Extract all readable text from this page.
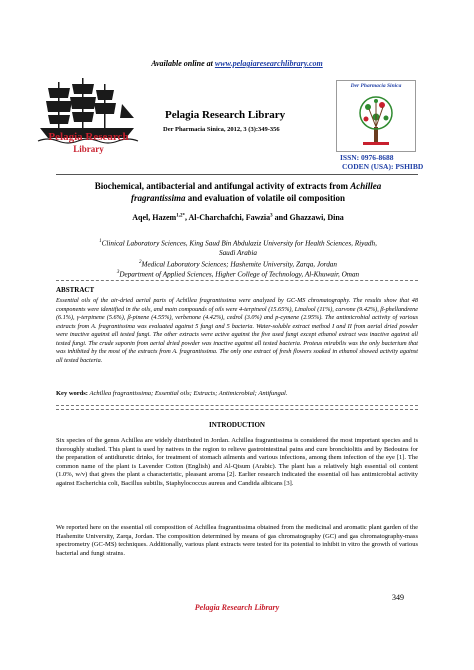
Available online at www.pelagiaresearchlibrary.com
Pelagia Research
Library
Pelagia Research Library
Der Pharmacia Sinica, 2012, 3 (3):349-356
Der Pharmacia Sinica
ISSN: 0976-8688
CODEN (USA): PSHIBD
Biochemical, antibacterial and antifungal activity of extracts from Achillea
fragrantissima and evaluation of volatile oil composition
Aqel, Hazem$^{1,2*}$, Al-Charchafchi, Fawzia$^3$ and Ghazzawi, Dina
$^1$Clinical Laboratory Sciences, King Saud Bin Abdulaziz University for Health Sciences, Riyadh,
Saudi Arabia
$^2$Medical Laboratory Sciences; Hashemite University, Zarqa, Jordan
$^3$Department of Applied Sciences, Higher College of Technology, Al-Khuwair, Oman
ABSTRACT
Essential oils of the air-dried aerial parts of Achillea fragrantissima were analyzed by GC-MS chromatography. The results show that 48 components were identified in the oils, and main compounds of oils were 4-terpineol (15.65%), Linalool (11%), carvone (9.42%), β-phellandrene (6.1%), γ-terpinene (5.6%), β-pinene (4.55%), verbenone (4.42%), cedrol (3.0%) and p-cymene (2.95%). The antimicrobial activity of various extracts from A. fragrantissima was evaluated against 5 fungi and 5 bacteria. Water-soluble extract method I and II from aerial dried powder were inactive against all tested fungi. The other extracts were active against the five used fungi except ethanol extract was inactive against all tested fungi. The crude saponin from aerial dried powder was inactive against all tested bacteria. Proteus mirabilis was the only bacterium that was inhibited by the most of the extracts from A. fragrantissima. The only one extract of fresh flowers soaked in ethanol showed activity against all tested bacteria.
Key words: Achillea fragrantissima; Essential oils; Extracts; Antimicrobial; Antifungal.
INTRODUCTION
Six species of the genus Achillea are widely distributed in Jordan. Achillea fragrantissima is considered the most important species and is thoroughly studied. This plant is used by natives in the region to relieve gastrointestinal pains and cure bronchiolitis and by Bedouins for the preparation of antidiuretic drinks, for treatment of stomach ailments and various infections, among them infection of the eye [1]. The common name of the plant is Lavender Cotton (English) and Al-Qisum (Arabic). The plant has a relatively high essential oil content (1.0%, w/v) that gives the plant a characteristic, pleasant aroma [2]. Earlier research indicated the essential oil has antimicrobial activity against Escherichia coli, Bacillus subtilis, Staphylococcus aureus and Candida albicans [3].
We reported here on the essential oil composition of Achillea fragrantissima obtained from the medicinal and aromatic plant garden of the Hashemite University, Zarqa, Jordan. The composition determined by means of gas chromatography (GC) and gas chromatography-mass spectrometry (GC-MS) techniques. Additionally, various plant extracts were tested for its potential to inhibit in vitro the growth of various bacterial and fungi strains.
349
Pelagia Research Library
